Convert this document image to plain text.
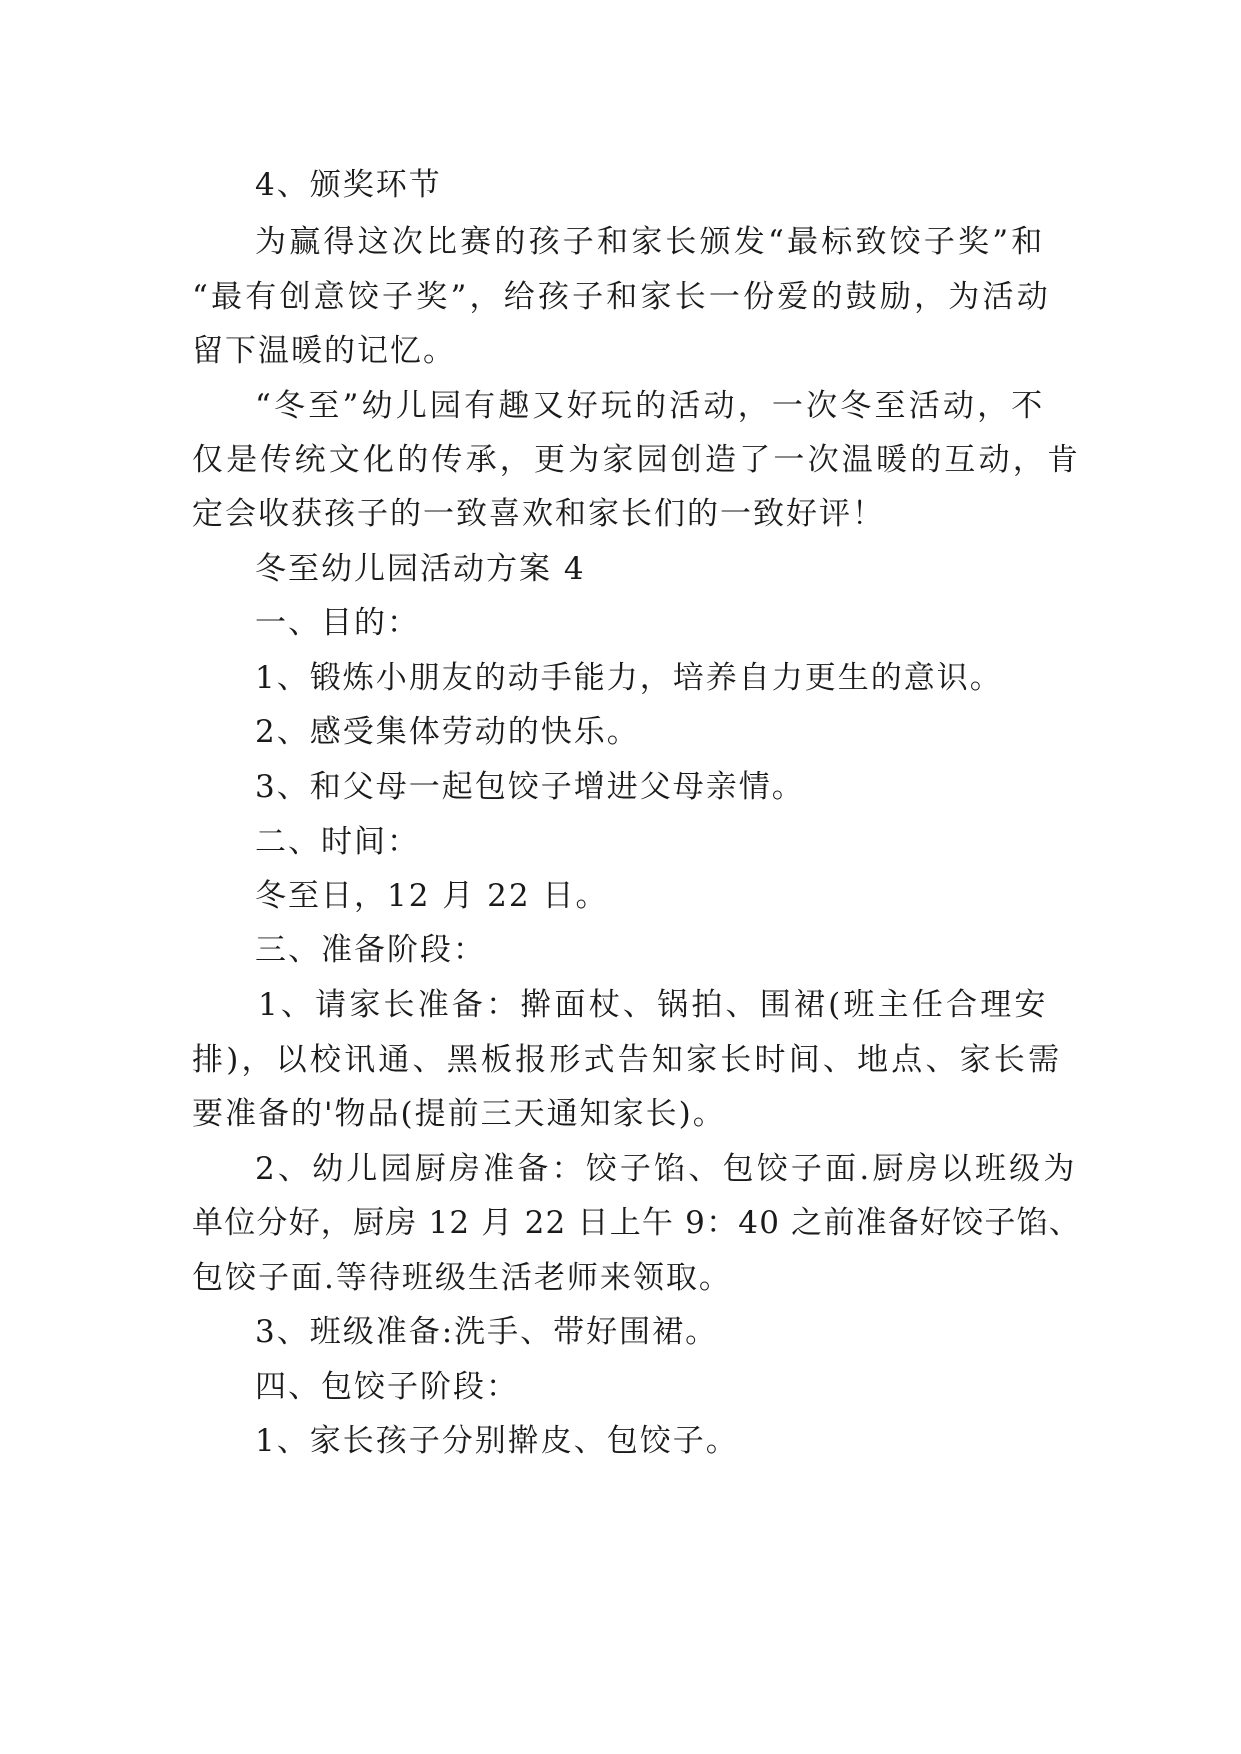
4、颁奖环节
为赢得这次比赛的孩子和家长颁发“最标致饺子奖”和
“最有创意饺子奖”，给孩子和家长一份爱的鼓励，为活动
留下温暖的记忆。
“冬至”幼儿园有趣又好玩的活动，一次冬至活动，不
仅是传统文化的传承，更为家园创造了一次温暖的互动，肯
定会收获孩子的一致喜欢和家长们的一致好评！
冬至幼儿园活动方案 4
一、目的：
1、锻炼小朋友的动手能力，培养自力更生的意识。
2、感受集体劳动的快乐。
3、和父母一起包饺子增进父母亲情。
二、时间：
冬至日，12 月 22 日。
三、准备阶段：
1、请家长准备：擀面杖、锅拍、围裙(班主任合理安
排)，以校讯通、黑板报形式告知家长时间、地点、家长需
要准备的'物品(提前三天通知家长)。
2、幼儿园厨房准备：饺子馅、包饺子面.厨房以班级为
单位分好，厨房 12 月 22 日上午 9：40 之前准备好饺子馅、
包饺子面.等待班级生活老师来领取。
3、班级准备:洗手、带好围裙。
四、包饺子阶段：
1、家长孩子分别擀皮、包饺子。
